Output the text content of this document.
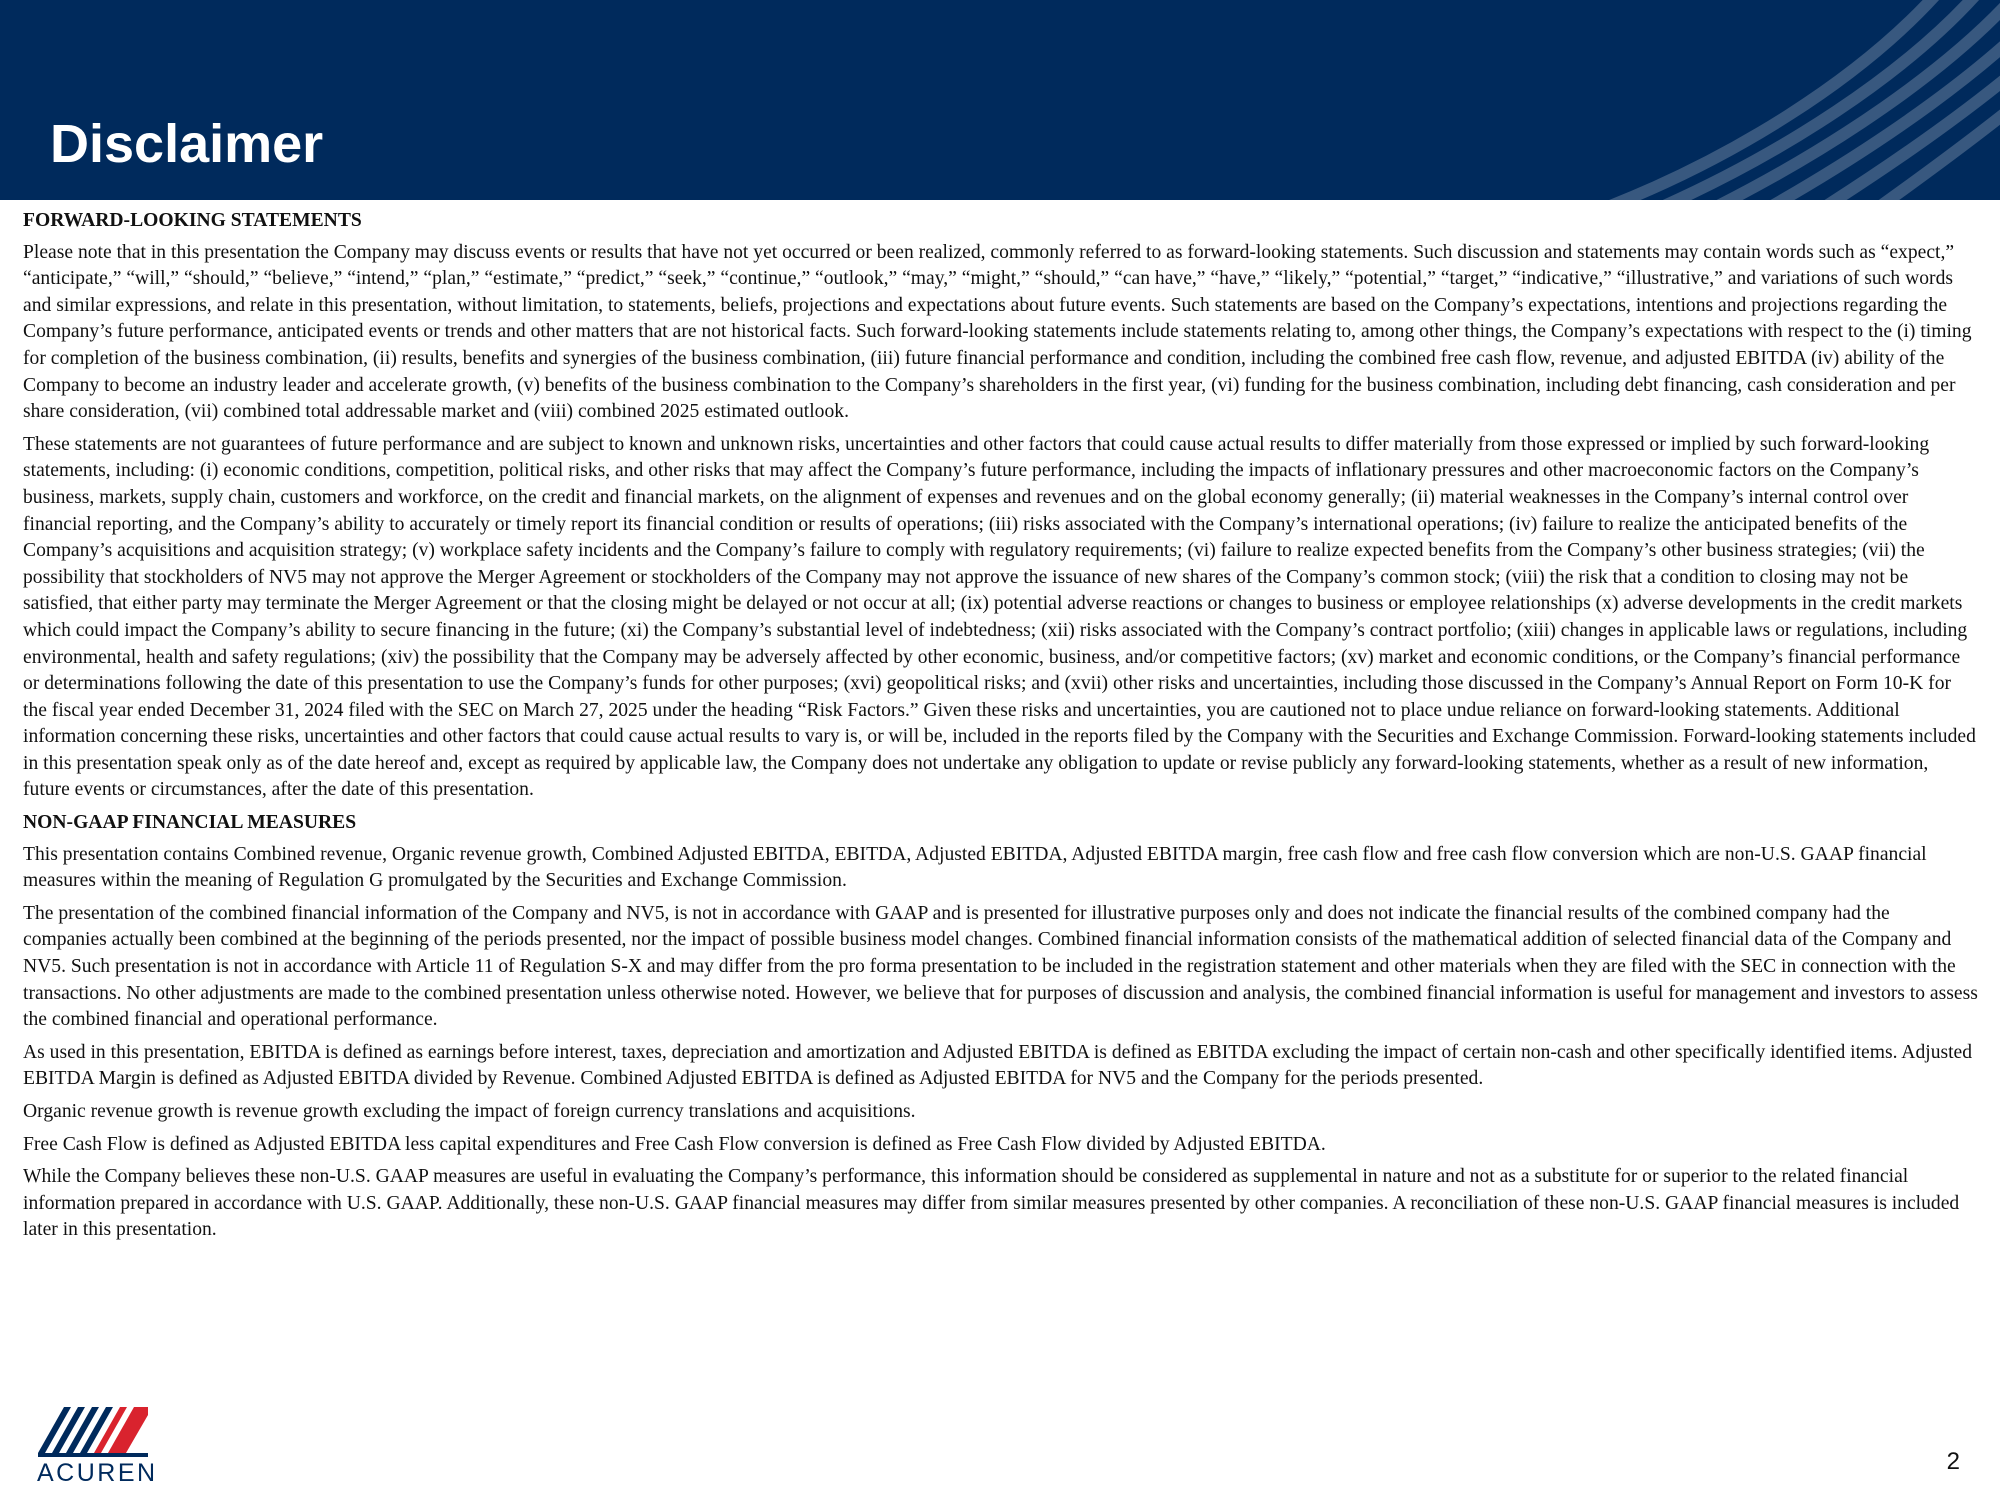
Disclaimer
FORWARD-LOOKING STATEMENTS

Please note that in this presentation the Company may discuss events or results that have not yet occurred or been realized, commonly referred to as forward-looking statements. Such discussion and statements may contain words such as “expect,” “anticipate,” “will,” “should,” “believe,” “intend,” “plan,” “estimate,” “predict,” “seek,” “continue,” “outlook,” “may,” “might,” “should,” “can have,” “have,” “likely,” “potential,” “target,” “indicative,” “illustrative,” and variations of such words and similar expressions, and relate in this presentation, without limitation, to statements, beliefs, projections and expectations about future events. Such statements are based on the Company’s expectations, intentions and projections regarding the Company’s future performance, anticipated events or trends and other matters that are not historical facts. Such forward-looking statements include statements relating to, among other things, the Company’s expectations with respect to the (i) timing for completion of the business combination, (ii) results, benefits and synergies of the business combination, (iii) future financial performance and condition, including the combined free cash flow, revenue, and adjusted EBITDA (iv) ability of the Company to become an industry leader and accelerate growth, (v) benefits of the business combination to the Company’s shareholders in the first year, (vi) funding for the business combination, including debt financing, cash consideration and per share consideration, (vii) combined total addressable market and (viii) combined 2025 estimated outlook.

These statements are not guarantees of future performance and are subject to known and unknown risks, uncertainties and other factors that could cause actual results to differ materially from those expressed or implied by such forward-looking statements, including: (i) economic conditions, competition, political risks, and other risks that may affect the Company’s future performance, including the impacts of inflationary pressures and other macroeconomic factors on the Company’s business, markets, supply chain, customers and workforce, on the credit and financial markets, on the alignment of expenses and revenues and on the global economy generally; (ii) material weaknesses in the Company’s internal control over financial reporting, and the Company’s ability to accurately or timely report its financial condition or results of operations; (iii) risks associated with the Company’s international operations; (iv) failure to realize the anticipated benefits of the Company’s acquisitions and acquisition strategy; (v) workplace safety incidents and the Company’s failure to comply with regulatory requirements; (vi) failure to realize expected benefits from the Company’s other business strategies; (vii) the possibility that stockholders of NV5 may not approve the Merger Agreement or stockholders of the Company may not approve the issuance of new shares of the Company’s common stock; (viii) the risk that a condition to closing may not be satisfied, that either party may terminate the Merger Agreement or that the closing might be delayed or not occur at all; (ix) potential adverse reactions or changes to business or employee relationships (x) adverse developments in the credit markets which could impact the Company’s ability to secure financing in the future; (xi) the Company’s substantial level of indebtedness; (xii) risks associated with the Company’s contract portfolio; (xiii) changes in applicable laws or regulations, including environmental, health and safety regulations; (xiv) the possibility that the Company may be adversely affected by other economic, business, and/or competitive factors; (xv) market and economic conditions, or the Company’s financial performance or determinations following the date of this presentation to use the Company’s funds for other purposes; (xvi) geopolitical risks; and (xvii) other risks and uncertainties, including those discussed in the Company’s Annual Report on Form 10-K for the fiscal year ended December 31, 2024 filed with the SEC on March 27, 2025 under the heading “Risk Factors.” Given these risks and uncertainties, you are cautioned not to place undue reliance on forward-looking statements. Additional information concerning these risks, uncertainties and other factors that could cause actual results to vary is, or will be, included in the reports filed by the Company with the Securities and Exchange Commission. Forward-looking statements included in this presentation speak only as of the date hereof and, except as required by applicable law, the Company does not undertake any obligation to update or revise publicly any forward-looking statements, whether as a result of new information, future events or circumstances, after the date of this presentation.

NON-GAAP FINANCIAL MEASURES

This presentation contains Combined revenue, Organic revenue growth, Combined Adjusted EBITDA, EBITDA, Adjusted EBITDA, Adjusted EBITDA margin, free cash flow and free cash flow conversion which are non-U.S. GAAP financial measures within the meaning of Regulation G promulgated by the Securities and Exchange Commission.

The presentation of the combined financial information of the Company and NV5, is not in accordance with GAAP and is presented for illustrative purposes only and does not indicate the financial results of the combined company had the companies actually been combined at the beginning of the periods presented, nor the impact of possible business model changes. Combined financial information consists of the mathematical addition of selected financial data of the Company and NV5. Such presentation is not in accordance with Article 11 of Regulation S-X and may differ from the pro forma presentation to be included in the registration statement and other materials when they are filed with the SEC in connection with the transactions. No other adjustments are made to the combined presentation unless otherwise noted. However, we believe that for purposes of discussion and analysis, the combined financial information is useful for management and investors to assess the combined financial and operational performance.

As used in this presentation, EBITDA is defined as earnings before interest, taxes, depreciation and amortization and Adjusted EBITDA is defined as EBITDA excluding the impact of certain non-cash and other specifically identified items. Adjusted EBITDA Margin is defined as Adjusted EBITDA divided by Revenue. Combined Adjusted EBITDA is defined as Adjusted EBITDA for NV5 and the Company for the periods presented.

Organic revenue growth is revenue growth excluding the impact of foreign currency translations and acquisitions.

Free Cash Flow is defined as Adjusted EBITDA less capital expenditures and Free Cash Flow conversion is defined as Free Cash Flow divided by Adjusted EBITDA.

While the Company believes these non-U.S. GAAP measures are useful in evaluating the Company’s performance, this information should be considered as supplemental in nature and not as a substitute for or superior to the related financial information prepared in accordance with U.S. GAAP. Additionally, these non-U.S. GAAP financial measures may differ from similar measures presented by other companies. A reconciliation of these non-U.S. GAAP financial measures is included later in this presentation.

ACUREN	2
